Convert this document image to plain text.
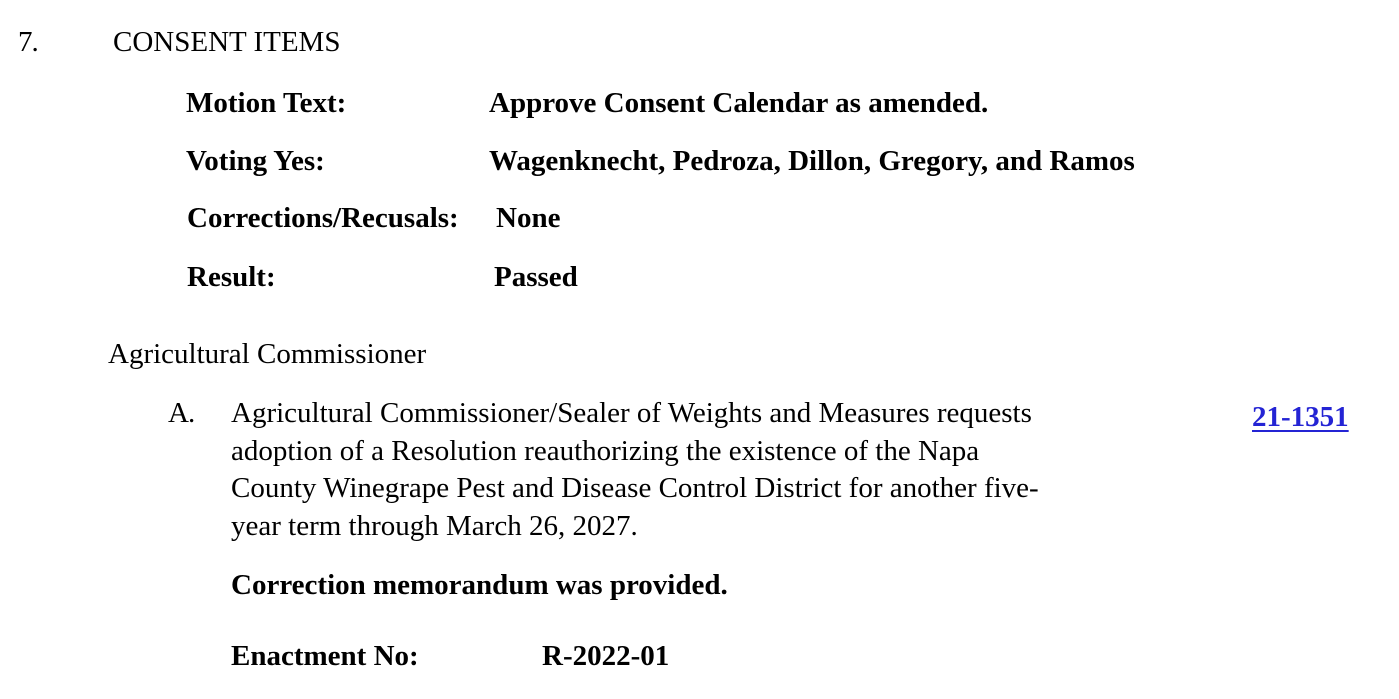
7.	CONSENT ITEMS
Motion Text:	Approve Consent Calendar as amended.
Voting Yes:	Wagenknecht, Pedroza, Dillon, Gregory, and Ramos
Corrections/Recusals: None
Result:	Passed
Agricultural Commissioner
A. Agricultural Commissioner/Sealer of Weights and Measures requests
adoption of a Resolution reauthorizing the existence of the Napa
County Winegrape Pest and Disease Control District for another five-
year term through March 26, 2027.
21-1351
Correction memorandum was provided.
Enactment No:	R-2022-01
